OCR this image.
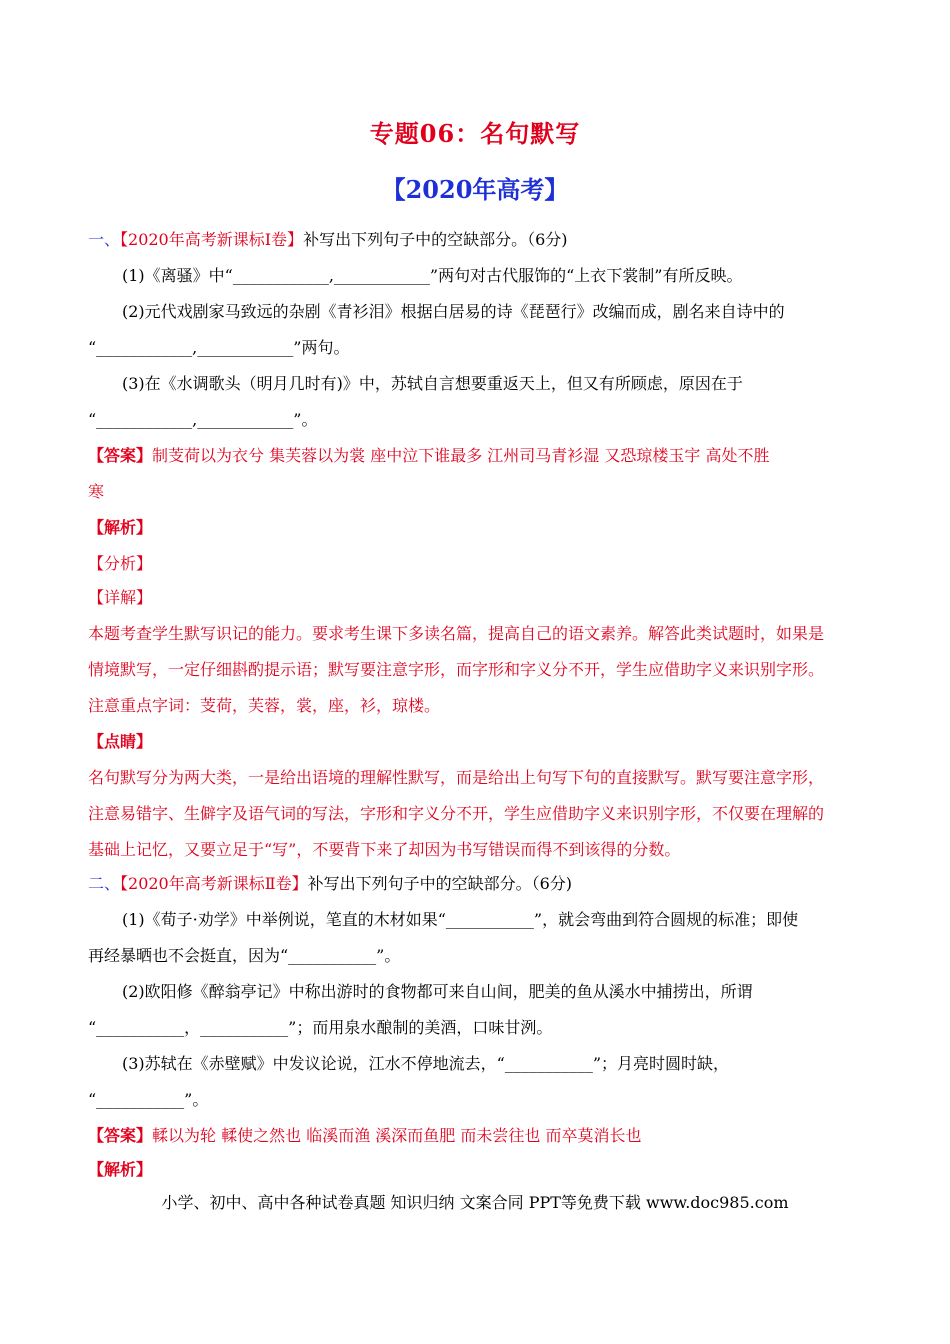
专题06：名句默写
【2020年高考】
一、【2020年高考新课标Ⅰ卷】补写出下列句子中的空缺部分。（6分)
(1)《离骚》中“____________,____________”两句对古代服饰的“上衣下裳制”有所反映。
(2)元代戏剧家马致远的杂剧《青衫泪》根据白居易的诗《琵琶行》改编而成，剧名来自诗中的
“____________,____________”两句。
(3)在《水调歌头（明月几时有)》中，苏轼自言想要重返天上，但又有所顾虑，原因在于
“____________,____________”。
【答案】制芰荷以为衣兮 集芙蓉以为裳 座中泣下谁最多 江州司马青衫湿 又恐琼楼玉宇 高处不胜
寒
【解析】
【分析】
【详解】
本题考查学生默写识记的能力。要求考生课下多读名篇，提高自己的语文素养。解答此类试题时，如果是
情境默写，一定仔细斟酌提示语；默写要注意字形，而字形和字义分不开，学生应借助字义来识别字形。
注意重点字词：芰荷，芙蓉，裳，座，衫，琼楼。
【点睛】
名句默写分为两大类，一是给出语境的理解性默写，而是给出上句写下句的直接默写。默写要注意字形，
注意易错字、生僻字及语气词的写法，字形和字义分不开，学生应借助字义来识别字形，不仅要在理解的
基础上记忆，又要立足于“写”，不要背下来了却因为书写错误而得不到该得的分数。
二、【2020年高考新课标Ⅱ卷】补写出下列句子中的空缺部分。（6分)
(1)《荀子·劝学》中举例说，笔直的木材如果“___________”，就会弯曲到符合圆规的标准；即使
再经暴晒也不会挺直，因为“___________”。
(2)欧阳修《醉翁亭记》中称出游时的食物都可来自山间，肥美的鱼从溪水中捕捞出，所谓
“___________，___________”；而用泉水酿制的美酒，口味甘洌。
(3)苏轼在《赤壁赋》中发议论说，江水不停地流去，“___________”；月亮时圆时缺，
“___________”。
【答案】輮以为轮 輮使之然也 临溪而渔 溪深而鱼肥 而未尝往也 而卒莫消长也
【解析】
小学、初中、高中各种试卷真题 知识归纳 文案合同 PPT等免费下载 www.doc985.com
